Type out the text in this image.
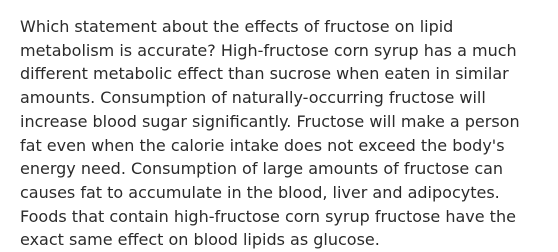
Which statement about the effects of fructose on lipid
metabolism is accurate? High-fructose corn syrup has a much
different metabolic effect than sucrose when eaten in similar
amounts. Consumption of naturally-occurring fructose will
increase blood sugar significantly. Fructose will make a person
fat even when the calorie intake does not exceed the body's
energy need. Consumption of large amounts of fructose can
causes fat to accumulate in the blood, liver and adipocytes.
Foods that contain high-fructose corn syrup fructose have the
exact same effect on blood lipids as glucose.
